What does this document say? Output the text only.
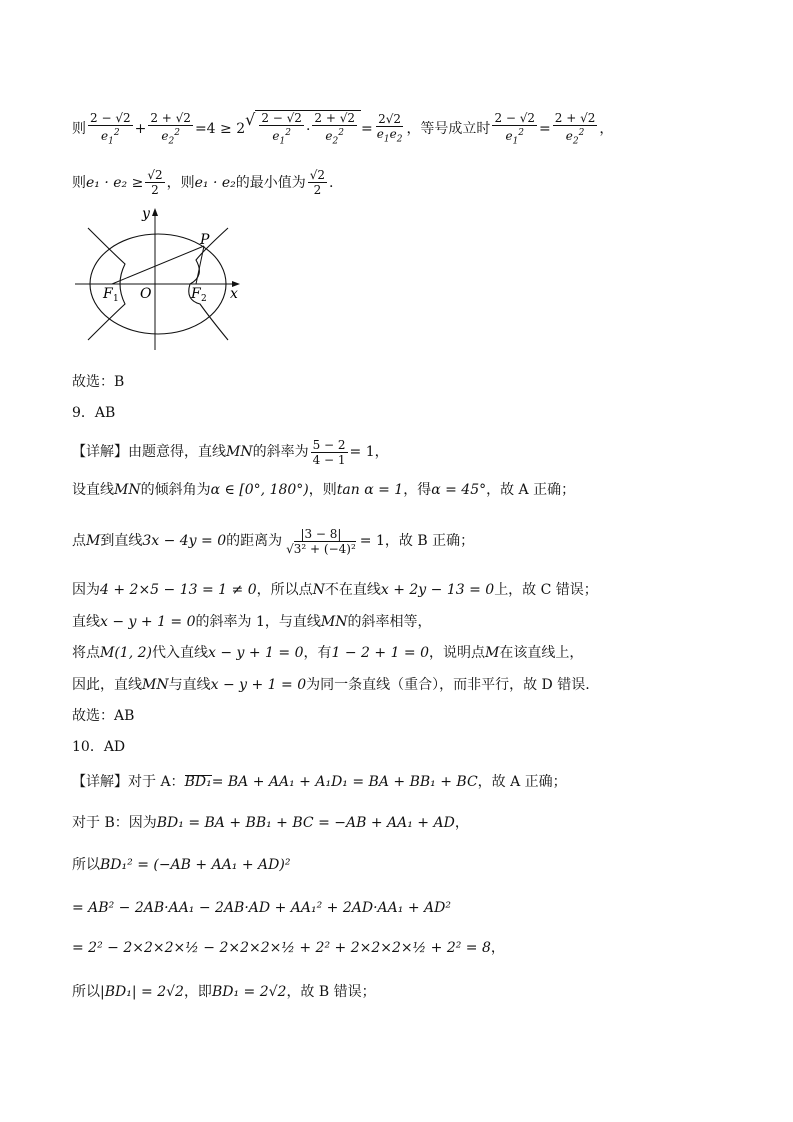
则 $\frac{2 - √2}{e_1^2} + \frac{2 + √2}{e_2^2} =4 \ge 2$
√ $\frac{2 - √2}{e_1^2} \cdot \frac{2 + √2}{e_2^2} = \frac{2√2}{e_1e_2}$ ，等号成立时 $\frac{2 - √2}{e_1^2} = \frac{2 + √2}{e_2^2}$ ，
则 $e_1 \cdot e_2 \ge \frac{√2}{2}$ ，则 e₁ · e₂ 的最小值为 $\frac{√2}{2}$ .
y
x
P
O
F 1	F 2
故选：B
9．AB
【详解】 由题意得，直线 MN 的斜率为 $\frac{5 - 2}{4 - 1} = 1$ ，
设直线 MN 的倾斜角为 α ∈ [0°, 180°) ，则 tan α = 1 ，得 α = 45° ，故 A 正确；
点 M 到直线 3x − 4y = 0 的距离为 $\frac{|3 - 8|}{\text{√3² + (−4)²}} = 1$ ，故 B 正确；
因为 4 + 2×5 − 13 = 1 ≠ 0 ，所以点 N 不在直线 x + 2y − 13 = 0 上，故 C 错误；
直线 x − y + 1 = 0 的斜率为 1，与直线 MN 的斜率相等，
将点 M(1, 2) 代入直线 x − y + 1 = 0 ，有 1 − 2 + 1 = 0 ，说明点 M 在该直线上，
因此，直线 MN 与直线 x − y + 1 = 0 为同一条直线（重合），而非平行，故 D 错误.
故选：AB
10．AD
【详解】 对于 A： BD₁ = BA + AA₁ + A₁D₁ = BA + BB₁ + BC ，故 A 正确；
对于 B：因为 BD₁ = BA + BB₁ + BC = −AB + AA₁ + AD ，
所以 BD₁² = (−AB + AA₁ + AD)²
= AB² − 2AB·AA₁ − 2AB·AD + AA₁² + 2AD·AA₁ + AD²
= 2² − 2×2×2×½ − 2×2×2×½ + 2² + 2×2×2×½ + 2² = 8 ，
所以 |BD₁| = 2√2 ，即 BD₁ = 2√2 ，故 B 错误；
